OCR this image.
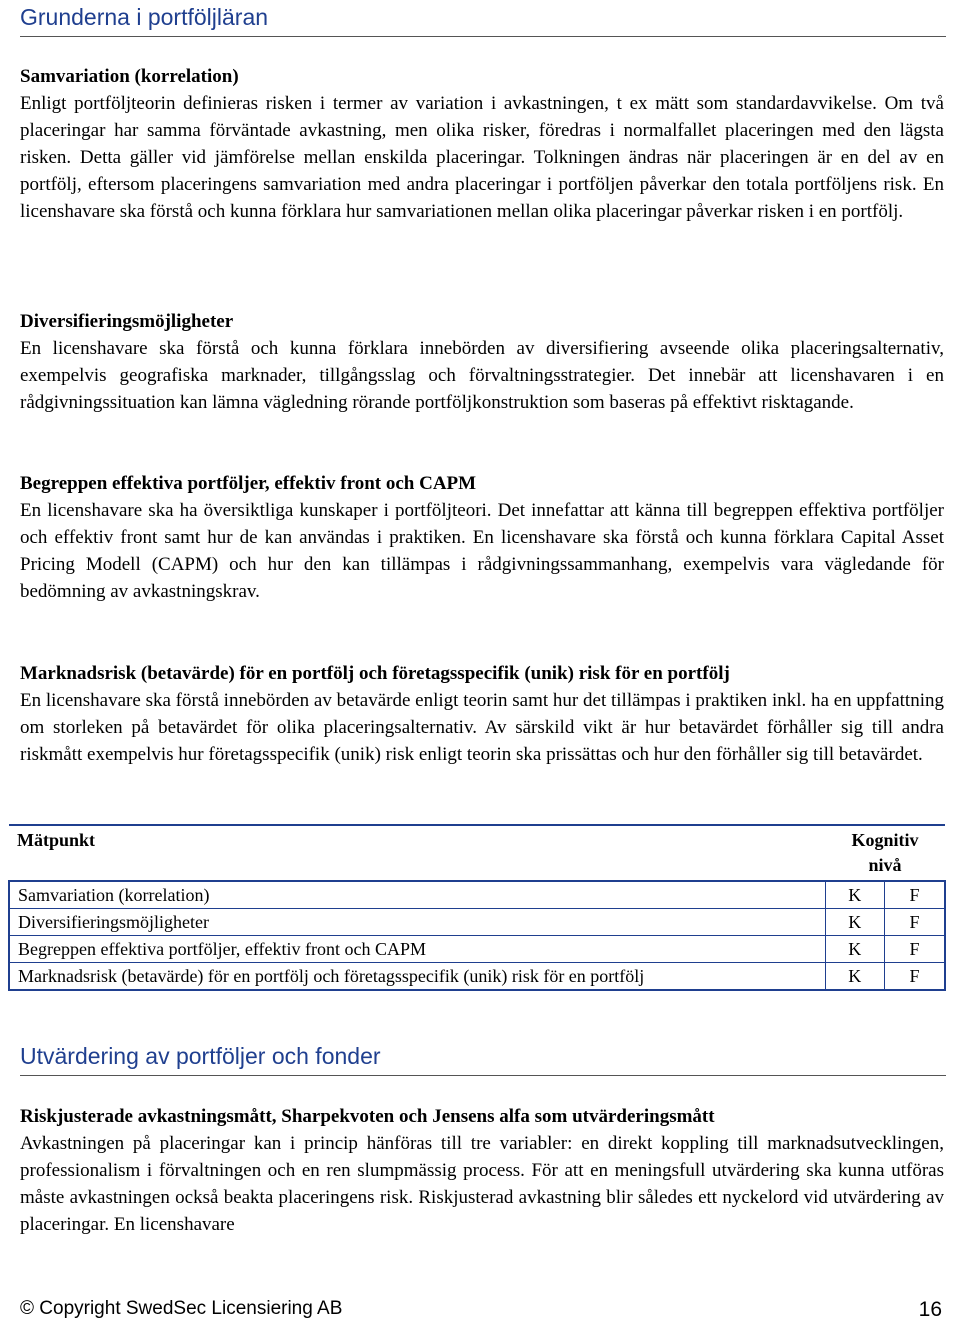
Grunderna i portföljläran
Samvariation (korrelation)

Enligt portföljteorin definieras risken i termer av variation i avkastningen, t ex mätt som standardavvikelse. Om två placeringar har samma förväntade avkastning, men olika risker, föredras i normalfallet placeringen med den lägsta risken. Detta gäller vid jämförelse mellan enskilda placeringar. Tolkningen ändras när placeringen är en del av en portfölj, eftersom placeringens samvariation med andra placeringar i portföljen påverkar den totala portföljens risk. En licenshavare ska förstå och kunna förklara hur samvariationen mellan olika placeringar påverkar risken i en portfölj.

Diversifieringsmöjligheter

En licenshavare ska förstå och kunna förklara innebörden av diversifiering avseende olika placeringsalternativ, exempelvis geografiska marknader, tillgångsslag och förvaltningsstrategier. Det innebär att licenshavaren i en rådgivningssituation kan lämna vägledning rörande portföljkonstruktion som baseras på effektivt risktagande.

Begreppen effektiva portföljer, effektiv front och CAPM

En licenshavare ska ha översiktliga kunskaper i portföljteori. Det innefattar att känna till begreppen effektiva portföljer och effektiv front samt hur de kan användas i praktiken. En licenshavare ska förstå och kunna förklara Capital Asset Pricing Modell (CAPM) och hur den kan tillämpas i rådgivningssammanhang, exempelvis vara vägledande för bedömning av avkastningskrav.

Marknadsrisk (betavärde) för en portfölj och företagsspecifik (unik) risk för en portfölj

En licenshavare ska förstå innebörden av betavärde enligt teorin samt hur det tillämpas i praktiken inkl. ha en uppfattning om storleken på betavärdet för olika placeringsalternativ. Av särskild vikt är hur betavärdet förhåller sig till andra riskmått exempelvis hur företagsspecifik (unik) risk enligt teorin ska prissättas och hur den förhåller sig till betavärdet.

Mätpunkt	Kognitiv nivå	
Samvariation (korrelation)	K	F
Diversifieringsmöjligheter	K	F
Begreppen effektiva portföljer, effektiv front och CAPM	K	F
Marknadsrisk (betavärde) för en portfölj och företagsspecifik (unik) risk för en portfölj	K	F
Utvärdering av portföljer och fonder
Riskjusterade avkastningsmått, Sharpekvoten och Jensens alfa som utvärderingsmått

Avkastningen på placeringar kan i princip hänföras till tre variabler: en direkt koppling till marknadsutvecklingen, professionalism i förvaltningen och en ren slumpmässig process. För att en meningsfull utvärdering ska kunna utföras måste avkastningen också beakta placeringens risk. Riskjusterad avkastning blir således ett nyckelord vid utvärdering av placeringar. En licenshavare

© Copyright SwedSec Licensiering AB	16
